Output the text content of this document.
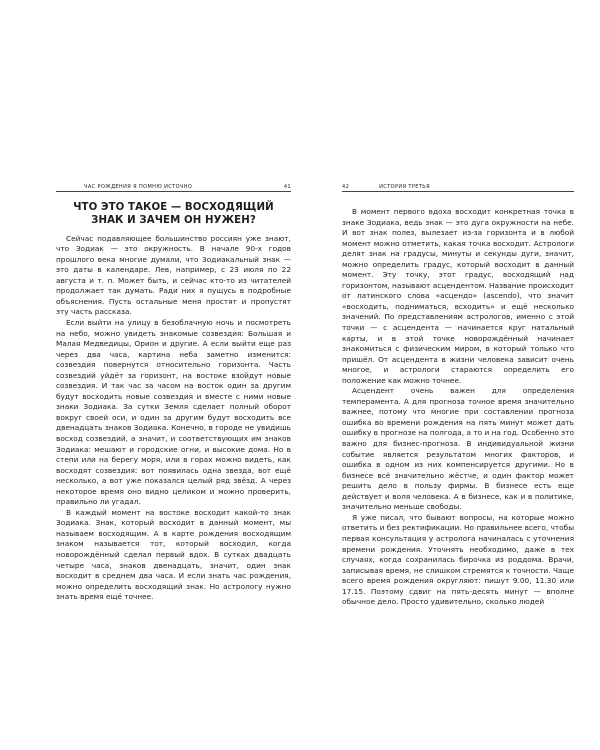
ЧАС РОЖДЕНИЯ Я ПОМНЮ ИСТОЧНО	41
ЧТО ЭТО ТАКОЕ — ВОСХОДЯЩИЙ ЗНАК И ЗАЧЕМ ОН НУЖЕН?

Сейчас подавляющее большинство россиян уже знают, что Зодиак — это окружность. В начале 90-х годов прошлого века многие думали, что Зодиакальный знак — это даты в календаре. Лев, например, с 23 июля по 22 августа и т. п. Может быть, и сейчас кто-то из читателей продолжает так думать. Ради них я пущусь в подробные объяснения. Пусть остальные меня простят и пропустят эту часть рассказа.

Если выйти на улицу в безоблачную ночь и посмотреть на небо, можно увидеть знакомые созвездия: Большая и Малая Медведицы, Орион и другие. А если выйти еще раз через два часа, картина неба заметно изменится: созвездия повернутся относительно горизонта. Часть созвездий уйдёт за горизонт, на востоке взойдут новые созвездия. И так час за часом на восток один за другим будут восходить новые созвездия и вместе с ними новые знаки Зодиака. За сутки Земля сделает полный оборот вокруг своей оси, и один за другим будут восходить все двенадцать знаков Зодиака. Конечно, в городе не увидишь восход созвездий, а значит, и соответствующих им знаков Зодиака: мешают и городские огни, и высокие дома. Но в степи или на берегу моря, или в горах можно видеть, как восходят созвездия: вот появилась одна звезда, вот ещё несколько, а вот уже показался целый ряд звёзд. А через некоторое время оно видно целиком и можно проверить, правильно ли угадал.

В каждый момент на востоке восходит какой-то знак Зодиака. Знак, который восходит в данный момент, мы называем восходящим. А в карте рождения восходящим знаком называется тот, который восходил, когда новорождённый сделал первый вдох. В сутках двадцать четыре часа, знаков двенадцать, значит, один знак восходит в среднем два часа. И если знать час рождения, можно определить восходящий знак. Но астрологу нужно знать время ещё точнее.

42	ИСТОРИЯ ТРЕТЬЯ

В момент первого вдоха восходит конкретная точка в знаке Зодиака, ведь знак — это дуга окружности на небе. И вот знак полез, вылезает из-за горизонта и в любой момент можно отметить, какая точка восходит. Астрологи делят знак на градусы, минуты и секунды дуги, значит, можно определить градус, который восходит в данный момент. Эту точку, этот градус, восходящий над горизонтом, называют асцендентом. Название происходит от латинского слова «асцендо» (ascendo), что значит «восходить, подниматься, всходить» и ещё несколько значений. По представлениям астрологов, именно с этой точки — с асцендента — начинается круг натальный карты, и в этой точке новорождённый начинает знакомиться с физическим миром, в который только что пришёл. От асцендента в жизни человека зависит очень многое, и астрологи стараются определить его положение как можно точнее.

Асцендент очень важен для определения темперамента. А для прогноза точное время значительно важнее, потому что многие при составлении прогноза ошибка во времени рождения на пять минут может дать ошибку в прогнозе на полгода, а то и на год. Особенно это важно для бизнес-прогноза. В индивидуальной жизни событие является результатом многих факторов, и ошибка в одном из них компенсируется другими. Но в бизнесе всё значительно жёстче, и один фактор может решить дело в пользу фирмы. В бизнесе есть еще действует и воля человека. А в бизнесе, как и в политике, значительно меньше свободы.

Я уже писал, что бывают вопросы, на которые можно ответить и без ректификации. Но правильнее всего, чтобы первая консультация у астролога начиналась с уточнения времени рождения. Уточнять необходимо, даже в тех случаях, когда сохранилась бирочка из роддома. Врачи, записывая время, не слишком стремятся к точности. Чаще всего время рождения округляют: пишут 9.00, 11.30 или 17.15. Поэтому сдвиг на пять-десять минут — вполне обычное дело. Просто удивительно, сколько людей
